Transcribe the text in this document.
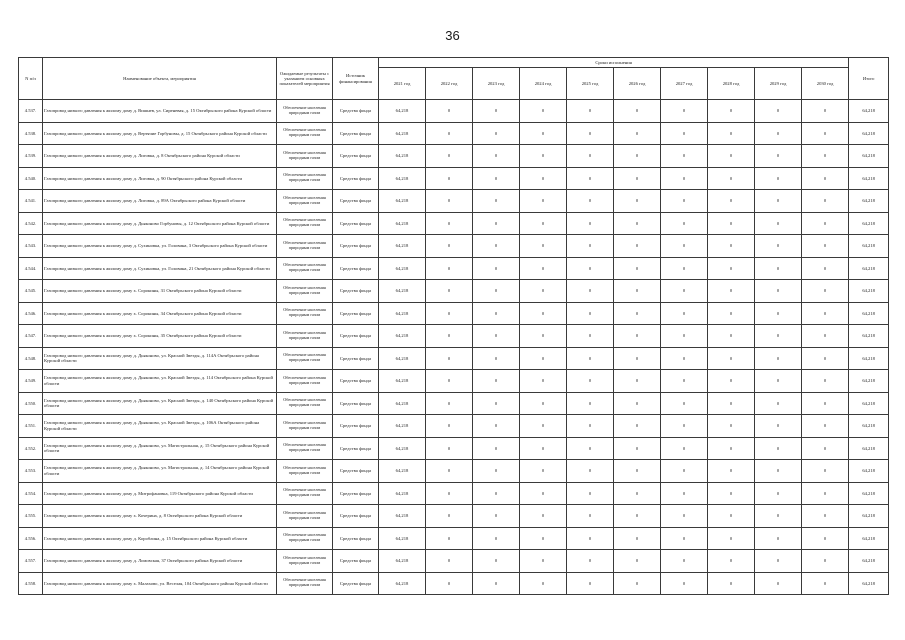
36
N п/п	Наименование объекта, мероприятия	Ожидаемые результаты с указанием основных показателей мероприятия	Источник финансирования	Сроки исполнения										Итого
				2021 год	2022 год	2023 год	2024 год	2025 год	2026 год	2027 год	2028 год	2029 год	2030 год	
4.537.	Газопровод низкого давления к жилому дому д. Вишнев, ул. Сиреневая, д. 15 Октябрьского района Курской области	Обеспечение населения природным газом	Средства фонда	64,218	0	0	0	0	0	0	0	0	0	64,218
4.538.	Газопровод низкого давления к жилому дому д. Вертячие Горбуновы, д. 15 Октябрьского района Курской области	Обеспечение населения природным газом	Средства фонда	64,218	0	0	0	0	0	0	0	0	0	64,218
4.539.	Газопровод низкого давления к жилому дому д. Лиговка, д. 8 Октябрьского района Курской области	Обеспечение населения природным газом	Средства фонда	64,218	0	0	0	0	0	0	0	0	0	64,218
4.540.	Газопровод низкого давления к жилому дому д. Лиговка, д. 90 Октябрьского района Курской области	Обеспечение населения природным газом	Средства фонда	64,218	0	0	0	0	0	0	0	0	0	64,218
4.541.	Газопровод низкого давления к жилому дому д. Лиговка, д. 89А Октябрьского района Курской области	Обеспечение населения природным газом	Средства фонда	64,218	0	0	0	0	0	0	0	0	0	64,218
4.542.	Газопровод низкого давления к жилому дому д. Дьяконово Горбуновы, д. 12 Октябрьского района Курской области	Обеспечение населения природным газом	Средства фонда	64,218	0	0	0	0	0	0	0	0	0	64,218
4.543.	Газопровод низкого давления к жилому дому д. Сухиновка, ул. Головина, 3 Октябрьского района Курской области	Обеспечение населения природным газом	Средства фонда	64,218	0	0	0	0	0	0	0	0	0	64,218
4.544.	Газопровод низкого давления к жилому дому д. Сухиновка, ул. Головина, 21 Октябрьского района Курской области	Обеспечение населения природным газом	Средства фонда	64,218	0	0	0	0	0	0	0	0	0	64,218
4.545.	Газопровод низкого давления к жилому дому х. Сорокины, 31 Октябрьского района Курской области	Обеспечение населения природным газом	Средства фонда	64,218	0	0	0	0	0	0	0	0	0	64,218
4.546.	Газопровод низкого давления к жилому дому х. Сорокины, 34 Октябрьского района Курской области	Обеспечение населения природным газом	Средства фонда	64,218	0	0	0	0	0	0	0	0	0	64,218
4.547.	Газопровод низкого давления к жилому дому х. Сорокины, 35 Октябрьского района Курской области	Обеспечение населения природным газом	Средства фонда	64,218	0	0	0	0	0	0	0	0	0	64,218
4.548.	Газопровод низкого давления к жилому дому д. Дьяконово, ул. Красной Звезды, д. 114А Октябрьского района Курской области	Обеспечение населения природным газом	Средства фонда	64,218	0	0	0	0	0	0	0	0	0	64,218
4.549.	Газопровод низкого давления к жилому дому д. Дьяконово, ул. Красной Звезды, д. 114 Октябрьского района Курской области	Обеспечение населения природным газом	Средства фонда	64,218	0	0	0	0	0	0	0	0	0	64,218
4.550.	Газопровод низкого давления к жилому дому д. Дьяконово, ул. Красной Звезды, д. 140 Октябрьского района Курской области	Обеспечение населения природным газом	Средства фонда	64,218	0	0	0	0	0	0	0	0	0	64,218
4.551.	Газопровод низкого давления к жилому дому д. Дьяконово, ул. Красной Звезды, д. 106А Октябрьского района Курской области	Обеспечение населения природным газом	Средства фонда	64,218	0	0	0	0	0	0	0	0	0	64,218
4.552.	Газопровод низкого давления к жилому дому д. Дьяконово, ул. Магистральная, д. 15 Октябрьского района Курской области	Обеспечение населения природным газом	Средства фонда	64,218	0	0	0	0	0	0	0	0	0	64,218
4.553.	Газопровод низкого давления к жилому дому д. Дьяконово, ул. Магистральная, д. 14 Октябрьского района Курской области	Обеспечение населения природным газом	Средства фонда	64,218	0	0	0	0	0	0	0	0	0	64,218
4.554.	Газопровод низкого давления к жилому дому д. Митрофановка, 119 Октябрьского района Курской области	Обеспечение населения природным газом	Средства фонда	64,218	0	0	0	0	0	0	0	0	0	64,218
4.555.	Газопровод низкого давления к жилому дому х. Кочерина, д. 8 Октябрьского района Курской области	Обеспечение населения природным газом	Средства фонда	64,218	0	0	0	0	0	0	0	0	0	64,218
4.556.	Газопровод низкого давления к жилому дому д. Короблина, д. 15 Октябрьского района Курской области	Обеспечение населения природным газом	Средства фонда	64,218	0	0	0	0	0	0	0	0	0	64,218
4.557.	Газопровод низкого давления к жилому дому д. Ломовская, 37 Октябрьского района Курской области	Обеспечение населения природным газом	Средства фонда	64,218	0	0	0	0	0	0	0	0	0	64,218
4.558.	Газопровод низкого давления к жилому дому х. Малахово, ул. Веселая, 104 Октябрьского района Курской области	Обеспечение населения природным газом	Средства фонда	64,218	0	0	0	0	0	0	0	0	0	64,218
